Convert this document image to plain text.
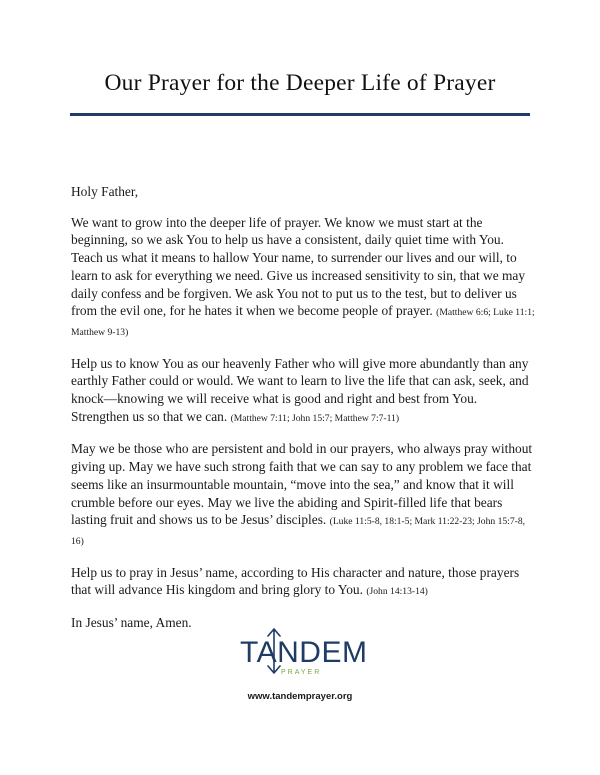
Our Prayer for the Deeper Life of Prayer

Holy Father,

We want to grow into the deeper life of prayer. We know we must start at the beginning, so we ask You to help us have a consistent, daily quiet time with You. Teach us what it means to hallow Your name, to surrender our lives and our will, to learn to ask for everything we need. Give us increased sensitivity to sin, that we may daily confess and be forgiven. We ask You not to put us to the test, but to deliver us from the evil one, for he hates it when we become people of prayer. (Matthew 6:6; Luke 11:1; Matthew 9-13)

Help us to know You as our heavenly Father who will give more abundantly than any earthly Father could or would. We want to learn to live the life that can ask, seek, and knock—knowing we will receive what is good and right and best from You. Strengthen us so that we can. (Matthew 7:11; John 15:7; Matthew 7:7-11)

May we be those who are persistent and bold in our prayers, who always pray without giving up. May we have such strong faith that we can say to any problem we face that seems like an insurmountable mountain, “move into the sea,” and know that it will crumble before our eyes. May we live the abiding and Spirit-filled life that bears lasting fruit and shows us to be Jesus’ disciples. (Luke 11:5-8, 18:1-5; Mark 11:22-23; John 15:7-8, 16)

Help us to pray in Jesus’ name, according to His character and nature, those prayers that will advance His kingdom and bring glory to You. (John 14:13-14)

In Jesus’ name, Amen.

TANDEM
PRAYER
www.tandemprayer.org
